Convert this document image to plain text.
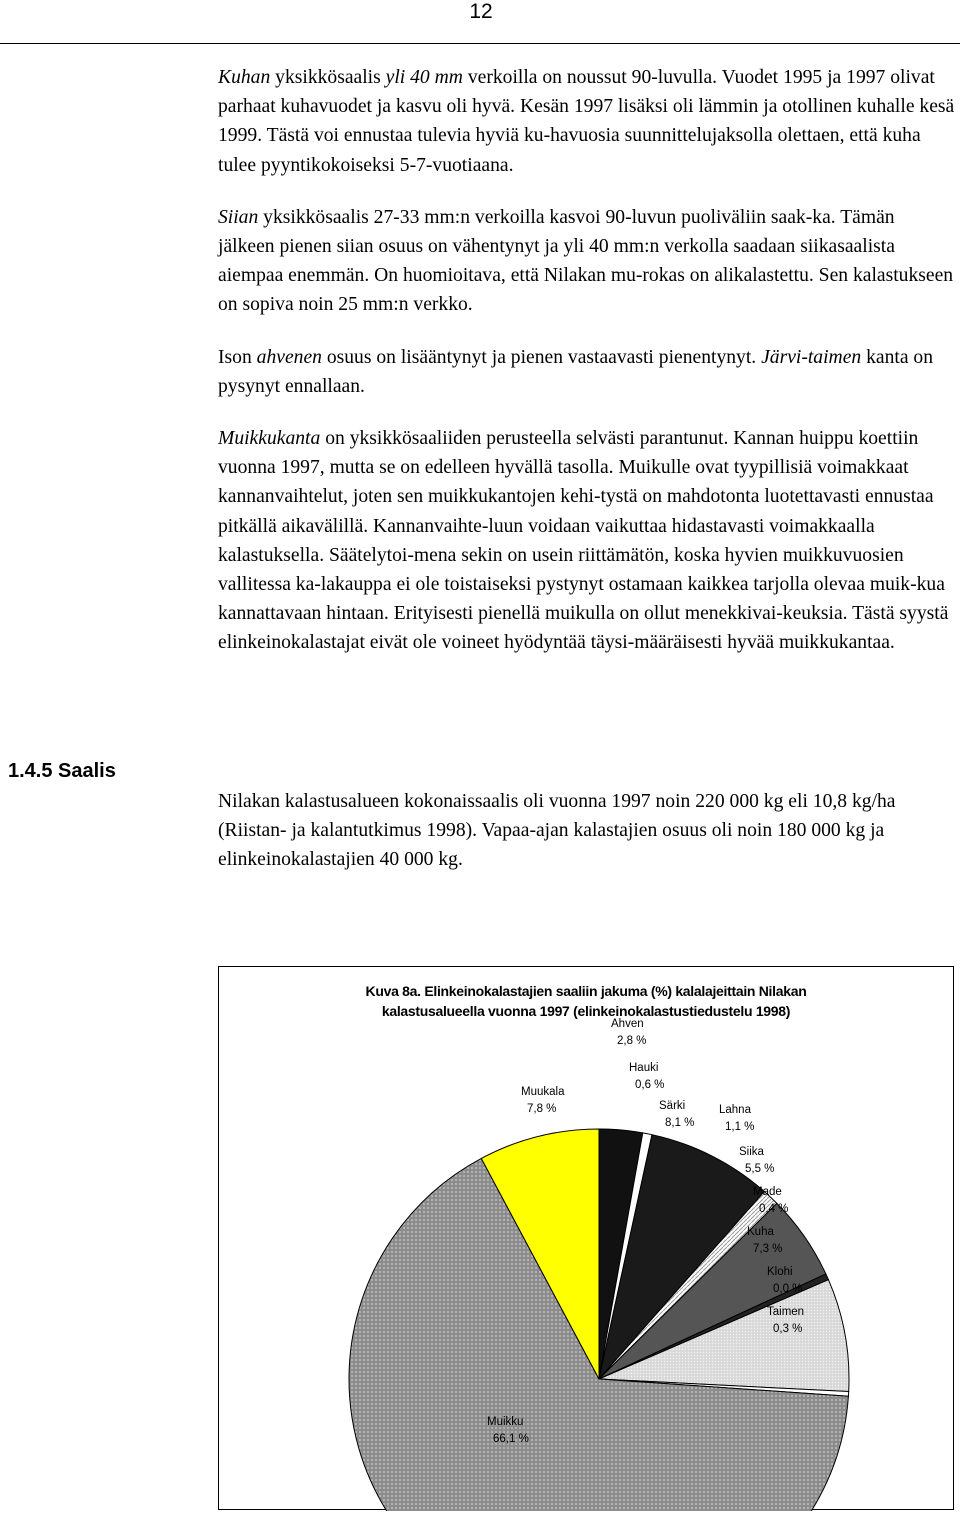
12

Kuhan yksikkösaalis yli 40 mm verkoilla on noussut 90-luvulla. Vuodet 1995 ja 1997 olivat parhaat kuhavuodet ja kasvu oli hyvä. Kesän 1997 lisäksi oli lämmin ja otollinen kuhalle kesä 1999. Tästä voi ennustaa tulevia hyviä ku-havuosia suunnittelujaksolla olettaen, että kuha tulee pyyntikokoiseksi 5-7-vuotiaana.

Siian yksikkösaalis 27-33 mm:n verkoilla kasvoi 90-luvun puoliväliin saak-ka. Tämän jälkeen pienen siian osuus on vähentynyt ja yli 40 mm:n verkolla saadaan siikasaalista aiempaa enemmän. On huomioitava, että Nilakan mu-rokas on alikalastettu. Sen kalastukseen on sopiva noin 25 mm:n verkko.

Ison ahvenen osuus on lisääntynyt ja pienen vastaavasti pienentynyt. Järvi-taimen kanta on pysynyt ennallaan.

Muikkukanta on yksikkösaaliiden perusteella selvästi parantunut. Kannan huippu koettiin vuonna 1997, mutta se on edelleen hyvällä tasolla. Muikulle ovat tyypillisiä voimakkaat kannanvaihtelut, joten sen muikkukantojen kehi-tystä on mahdotonta luotettavasti ennustaa pitkällä aikavälillä. Kannanvaihte-luun voidaan vaikuttaa hidastavasti voimakkaalla kalastuksella. Säätelytoi-mena sekin on usein riittämätön, koska hyvien muikkuvuosien vallitessa ka-lakauppa ei ole toistaiseksi pystynyt ostamaan kaikkea tarjolla olevaa muik-kua kannattavaan hintaan. Erityisesti pienellä muikulla on ollut menekkivai-keuksia. Tästä syystä elinkeinokalastajat eivät ole voineet hyödyntää täysi-määräisesti hyvää muikkukantaa.

1.4.5 Saalis

Nilakan kalastusalueen kokonaissaalis oli vuonna 1997 noin 220 000 kg eli 10,8 kg/ha (Riistan- ja kalantutkimus 1998). Vapaa-ajan kalastajien osuus oli noin 180 000 kg ja elinkeinokalastajien 40 000 kg.

Kuva 8a. Elinkeinokalastajien saaliin jakuma (%) kalalajeittain Nilakan
kalastusalueella vuonna 1997 (elinkeinokalastustiedustelu 1998)
Ahven
2,8 %
Hauki
0,6 %
Särki
8,1 %
Lahna
1,1 %
Siika
5,5 %
Made
0,4 %
Kuha
7,3 %
Klohi
0,0 %
Taimen
0,3 %
Muikku
66,1 %
Muukala
7,8 %
